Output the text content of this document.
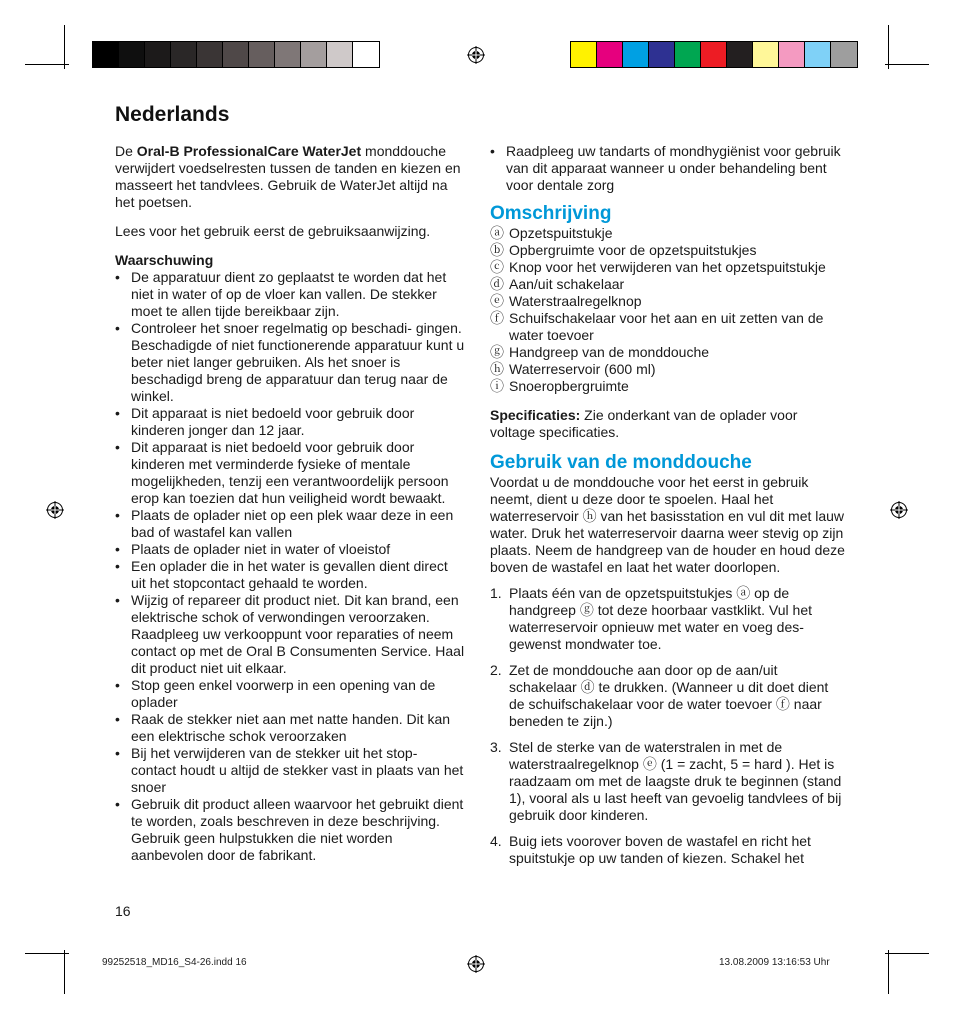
Nederlands

De Oral-B ProfessionalCare WaterJet monddouche verwijdert voedselresten tussen de tanden en kiezen en masseert het tandvlees. Gebruik de WaterJet altijd na het poetsen.

Lees voor het gebruik eerst de gebruiksaanwijzing.

Waarschuwing

• De apparatuur dient zo geplaatst te worden dat het niet in water of op de vloer kan vallen. De stekker moet te allen tijde bereikbaar zijn.
• Controleer het snoer regelmatig op beschadi- gingen. Beschadigde of niet functionerende apparatuur kunt u beter niet langer gebruiken. Als het snoer is beschadigd breng de apparatuur dan terug naar de winkel.
• Dit apparaat is niet bedoeld voor gebruik door kinderen jonger dan 12 jaar.
• Dit apparaat is niet bedoeld voor gebruik door kinderen met verminderde fysieke of mentale mogelijkheden, tenzij een verantwoordelijk persoon erop kan toezien dat hun veiligheid wordt bewaakt.
• Plaats de oplader niet op een plek waar deze in een bad of wastafel kan vallen
• Plaats de oplader niet in water of vloeistof
• Een oplader die in het water is gevallen dient direct uit het stopcontact gehaald te worden.
• Wijzig of repareer dit product niet. Dit kan brand, een elektrische schok of verwondingen veroorzaken. Raadpleeg uw verkooppunt voor reparaties of neem contact op met de Oral B Consumenten Service. Haal dit product niet uit elkaar.
• Stop geen enkel voorwerp in een opening van de oplader
• Raak de stekker niet aan met natte handen. Dit kan een elektrische schok veroorzaken
• Bij het verwijderen van de stekker uit het stop- contact houdt u altijd de stekker vast in plaats van het snoer
• Gebruik dit product alleen waarvoor het gebruikt dient te worden, zoals beschreven in deze beschrijving. Gebruik geen hulpstukken die niet worden aanbevolen door de fabrikant.
• Raadpleeg uw tandarts of mondhygiënist voor gebruik van dit apparaat wanneer u onder behandeling bent voor dentale zorg

Omschrijving

ⓐ Opzetspuitstukje
ⓑ Opbergruimte voor de opzetspuitstukjes
ⓒ Knop voor het verwijderen van het opzetspuitstukje
ⓓ Aan/uit schakelaar
ⓔ Waterstraalregelknop
ⓕ Schuifschakelaar voor het aan en uit zetten van de water toevoer
ⓖ Handgreep van de monddouche
ⓗ Waterreservoir (600 ml)
ⓘ Snoeropbergruimte

Specificaties: Zie onderkant van de oplader voor voltage specificaties.

Gebruik van de monddouche

Voordat u de monddouche voor het eerst in gebruik neemt, dient u deze door te spoelen. Haal het waterreservoir ⓗ van het basisstation en vul dit met lauw water. Druk het waterreservoir daarna weer stevig op zijn plaats. Neem de handgreep van de houder en houd deze boven de wastafel en laat het water doorlopen.

1. Plaats één van de opzetspuitstukjes ⓐ op de handgreep ⓖ tot deze hoorbaar vastklikt. Vul het waterreservoir opnieuw met water en voeg des- gewenst mondwater toe.
2. Zet de monddouche aan door op de aan/uit schakelaar ⓓ te drukken. (Wanneer u dit doet dient de schuifschakelaar voor de water toevoer ⓕ naar beneden te zijn.)
3. Stel de sterke van de waterstralen in met de waterstraalregelknop ⓔ (1 = zacht, 5 = hard ). Het is raadzaam om met de laagste druk te beginnen (stand 1), vooral als u last heeft van gevoelig tandvlees of bij gebruik door kinderen.
4. Buig iets voorover boven de wastafel en richt het spuitstukje op uw tanden of kiezen. Schakel het
16
99252518_MD16_S4-26.indd 16	13.08.2009 13:16:53 Uhr
